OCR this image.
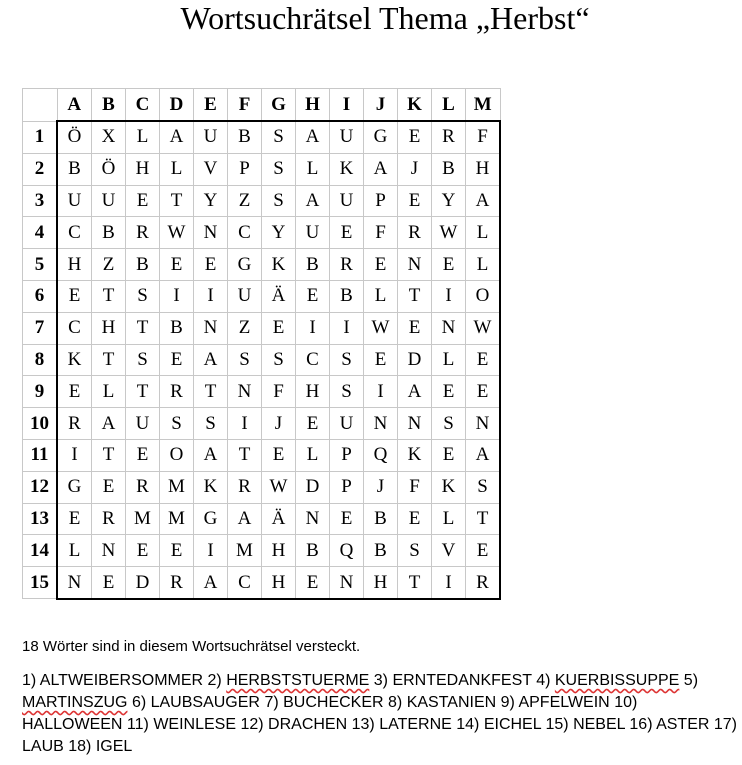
Wortsuchrätsel Thema „Herbst“
	A	B	C	D	E	F	G	H	I	J	K	L	M
1	Ö	X	L	A	U	B	S	A	U	G	E	R	F
2	B	Ö	H	L	V	P	S	L	K	A	J	B	H
3	U	U	E	T	Y	Z	S	A	U	P	E	Y	A
4	C	B	R	W	N	C	Y	U	E	F	R	W	L
5	H	Z	B	E	E	G	K	B	R	E	N	E	L
6	E	T	S	I	I	U	Ä	E	B	L	T	I	O
7	C	H	T	B	N	Z	E	I	I	W	E	N	W
8	K	T	S	E	A	S	S	C	S	E	D	L	E
9	E	L	T	R	T	N	F	H	S	I	A	E	E
10	R	A	U	S	S	I	J	E	U	N	N	S	N
11	I	T	E	O	A	T	E	L	P	Q	K	E	A
12	G	E	R	M	K	R	W	D	P	J	F	K	S
13	E	R	M	M	G	A	Ä	N	E	B	E	L	T
14	L	N	E	E	I	M	H	B	Q	B	S	V	E
15	N	E	D	R	A	C	H	E	N	H	T	I	R
18 Wörter sind in diesem Wortsuchrätsel versteckt.
1) ALTWEIBERSOMMER 2) HERBSTSTUERME 3) ERNTEDANKFEST 4) KUERBISSUPPE 5) MARTINSZUG 6) LAUBSAUGER 7) BUCHECKER 8) KASTANIEN 9) APFELWEIN 10) HALLOWEEN 11) WEINLESE 12) DRACHEN 13) LATERNE 14) EICHEL 15) NEBEL 16) ASTER 17) LAUB 18) IGEL
